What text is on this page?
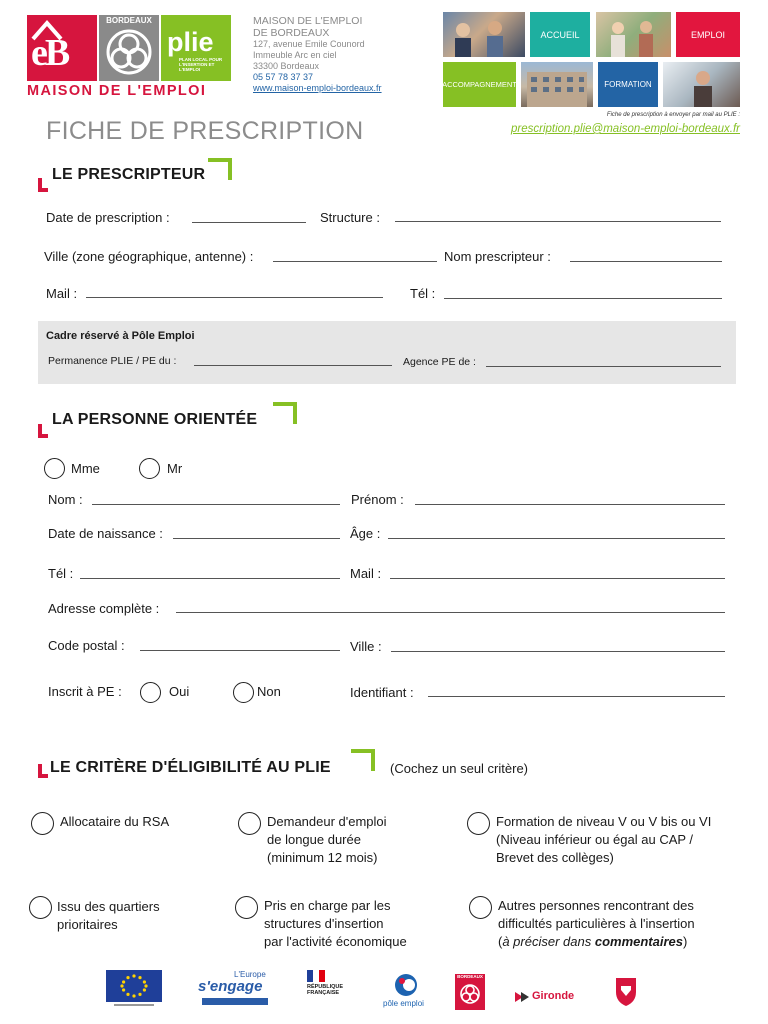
eB
BORDEAUX
plie
PLAN LOCAL POUR L'INSERTION ET L'EMPLOI
MAISON DE L'EMPLOI
MAISON DE L'EMPLOI
DE BORDEAUX
127, avenue Emile Counord
Immeuble Arc en ciel
33300 Bordeaux
05 57 78 37 37
www.maison-emploi-bordeaux.fr
ACCUEIL	EMPLOI
ACCOMPAGNEMENT	FORMATION
Fiche de prescription à envoyer par mail au PLIE :
prescription.plie@maison-emploi-bordeaux.fr
FICHE DE PRESCRIPTION
LE PRESCRIPTEUR
Date de prescription :	Structure :
Ville (zone géographique, antenne) :	Nom prescripteur :
Mail :	Tél :
Cadre réservé à Pôle Emploi
Permanence PLIE / PE du :	Agence PE de :
LA PERSONNE ORIENTÉE
Mme	Mr
Nom :	Prénom :
Date de naissance :	Âge :
Tél :	Mail :
Adresse complète :
Code postal :	Ville :
Inscrit à PE :	Oui	Non	Identifiant :
LE CRITÈRE D'ÉLIGIBILITÉ AU PLIE	(Cochez un seul critère)
Allocataire du RSA	Demandeur d'emploi
de longue durée
(minimum 12 mois)
Formation de niveau V ou V bis ou VI
(Niveau inférieur ou égal au CAP /
Brevet des collèges)
Issu des quartiers
prioritaires
Pris en charge par les
structures d'insertion
par l'activité économique
Autres personnes rencontrant des
difficultés particulières à l'insertion
(à préciser dans commentaires)
L'Europe
s'engage	RÉPUBLIQUE FRANÇAISE
pôle emploi
BORDEAUX
Gironde
